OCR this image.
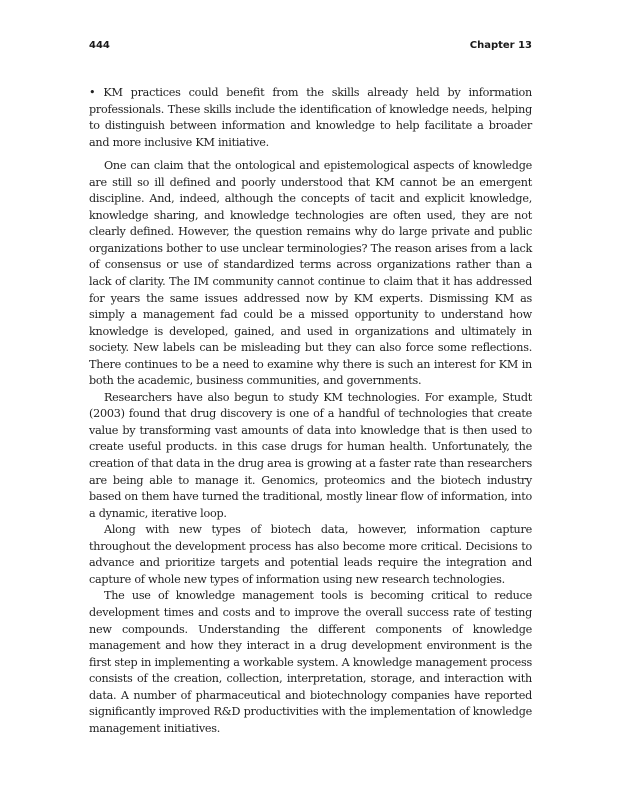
444	Chapter 13

• KM practices could benefit from the skills already held by information professionals. These skills include the identification of knowledge needs, helping to distinguish between information and knowledge to help facilitate a broader and more inclusive KM initiative.

One can claim that the ontological and epistemological aspects of knowledge are still so ill defined and poorly understood that KM cannot be an emergent discipline. And, indeed, although the concepts of tacit and explicit knowledge, knowledge sharing, and knowledge technologies are often used, they are not clearly defined. However, the question remains why do large private and public organizations bother to use unclear terminologies? The reason arises from a lack of consensus or use of standardized terms across organizations rather than a lack of clarity. The IM community cannot continue to claim that it has addressed for years the same issues addressed now by KM experts. Dismissing KM as simply a management fad could be a missed opportunity to understand how knowledge is developed, gained, and used in organizations and ultimately in society. New labels can be misleading but they can also force some reflections. There continues to be a need to examine why there is such an interest for KM in both the academic, business communities, and governments.

Researchers have also begun to study KM technologies. For example, Studt (2003) found that drug discovery is one of a handful of technologies that create value by transforming vast amounts of data into knowledge that is then used to create useful products. in this case drugs for human health. Unfortunately, the creation of that data in the drug area is growing at a faster rate than researchers are being able to manage it. Genomics, proteomics and the biotech industry based on them have turned the traditional, mostly linear flow of information, into a dynamic, iterative loop.

Along with new types of biotech data, however, information capture throughout the development process has also become more critical. Decisions to advance and prioritize targets and potential leads require the integration and capture of whole new types of information using new research technologies.

The use of knowledge management tools is becoming critical to reduce development times and costs and to improve the overall success rate of testing new compounds. Understanding the different components of knowledge management and how they interact in a drug development environment is the first step in implementing a workable system. A knowledge management process consists of the creation, collection, interpretation, storage, and interaction with data. A number of pharmaceutical and biotechnology companies have reported significantly improved R&D productivities with the implementation of knowledge management initiatives.
